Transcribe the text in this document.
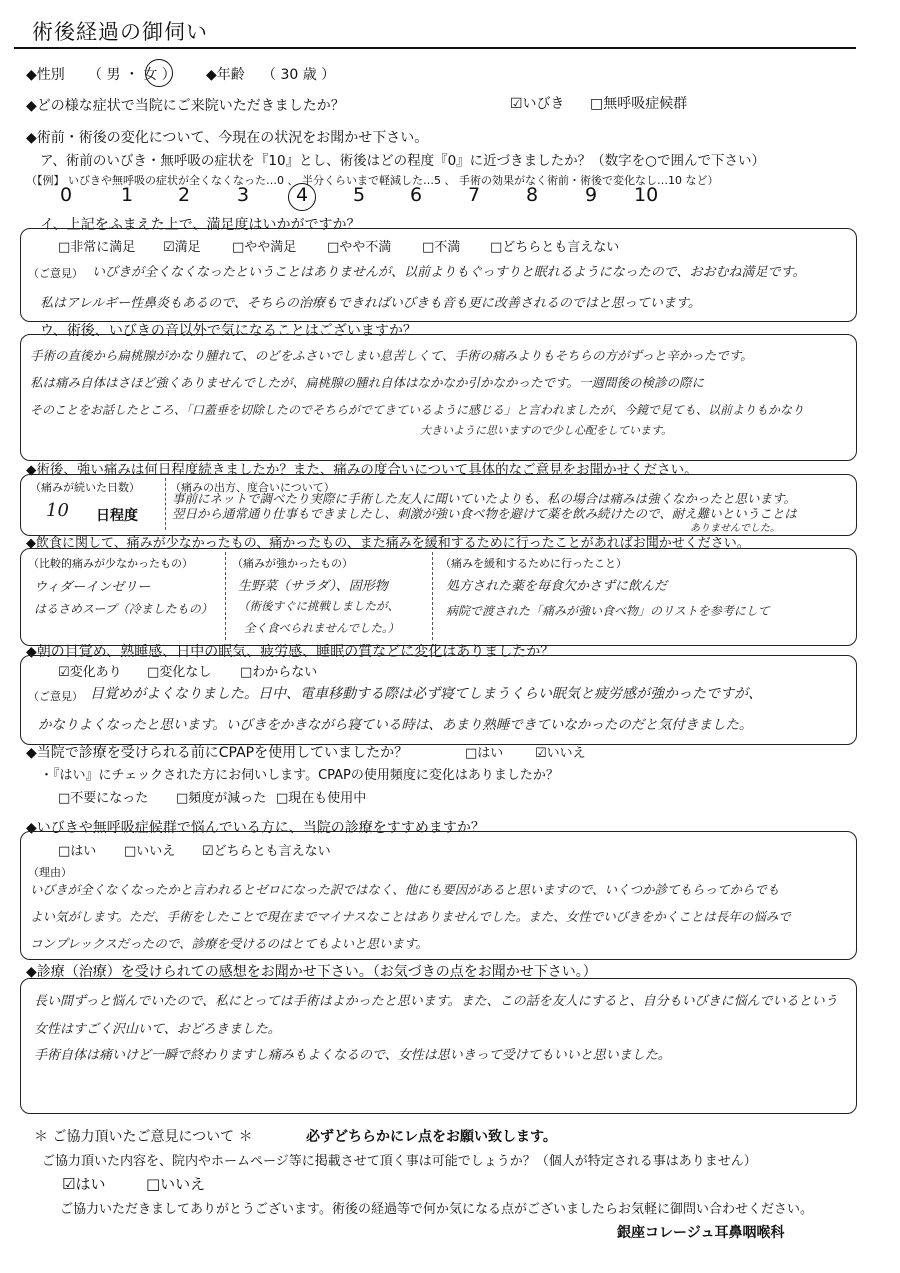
術後経過の御伺い
◆性別 （ 男 ・ 女 ） ◆年齢 （ 30 歳 ）
◆どの様な症状で当院にご来院いただきましたか？	☑いびき □無呼吸症候群
◆術前・術後の変化について、今現在の状況をお聞かせ下さい。
ア、術前のいびき・無呼吸の症状を『10』とし、術後はどの程度『0』に近づきましたか？（数字を○で囲んで下さい）
（【例】 いびきや無呼吸の症状が全くなくなった…0 、 半分くらいまで軽減した…5 、 手術の効果がなく術前・術後で変化なし…10 など）
0	1 2 3 4 5 6 7 8 9 10
イ、上記をふまえた上で、満足度はいかがですか？
□非常に満足 ☑満足 □やや満足 □やや不満 □不満 □どちらとも言えない
（ご意見） いびきが全くなくなったということはありませんが、以前よりもぐっすりと眠れるようになったので、おおむね満足です。
私はアレルギー性鼻炎もあるので、そちらの治療もできればいびきも音も更に改善されるのではと思っています。
ウ、術後、いびきの音以外で気になることはございますか？
手術の直後から扁桃腺がかなり腫れて、のどをふさいでしまい息苦しくて、手術の痛みよりもそちらの方がずっと辛かったです。
私は痛み自体はさほど強くありませんでしたが、扁桃腺の腫れ自体はなかなか引かなかったです。一週間後の検診の際に
そのことをお話したところ、「口蓋垂を切除したのでそちらがでてきているように感じる」と言われましたが、今鏡で見ても、以前よりもかなり
大きいように思いますので少し心配をしています。
◆術後、強い痛みは何日程度続きましたか？また、痛みの度合いについて具体的なご意見をお聞かせください。
（痛みが続いた日数）
10 日程度
（痛みの出方、度合いについて）
事前にネットで調べたり実際に手術した友人に聞いていたよりも、私の場合は痛みは強くなかったと思います。
翌日から通常通り仕事もできましたし、刺激が強い食べ物を避けて薬を飲み続けたので、耐え難いということは
ありませんでした。
◆飲食に関して、痛みが少なかったもの、痛かったもの、また痛みを緩和するために行ったことがあればお聞かせください。
（比較的痛みが少なかったもの）
ウィダーインゼリー
はるさめスープ（冷ましたもの）
（痛みが強かったもの）
生野菜（サラダ）、固形物
（術後すぐに挑戦しましたが、
全く食べられませんでした。）
（痛みを緩和するために行ったこと）
処方された薬を毎食欠かさずに飲んだ
病院で渡された「痛みが強い食べ物」のリストを参考にして
◆朝の目覚め、熟睡感、日中の眠気、疲労感、睡眠の質などに変化はありましたか？
☑変化あり □変化なし □わからない
（ご意見） 目覚めがよくなりました。日中、電車移動する際は必ず寝てしまうくらい眠気と疲労感が強かったですが、
かなりよくなったと思います。いびきをかきながら寝ている時は、あまり熟睡できていなかったのだと気付きました。
◆当院で診療を受けられる前にCPAPを使用していましたか？	□はい ☑いいえ
・『はい』にチェックされた方にお伺いします。CPAPの使用頻度に変化はありましたか？
□不要になった □頻度が減った □現在も使用中
◆いびきや無呼吸症候群で悩んでいる方に、当院の診療をすすめますか？
□はい □いいえ ☑どちらとも言えない
（理由）
いびきが全くなくなったかと言われるとゼロになった訳ではなく、他にも要因があると思いますので、いくつか診てもらってからでも
よい気がします。ただ、手術をしたことで現在までマイナスなことはありませんでした。また、女性でいびきをかくことは長年の悩みで
コンプレックスだったので、診療を受けるのはとてもよいと思います。
◆診療（治療）を受けられての感想をお聞かせ下さい。（お気づきの点をお聞かせ下さい。）
長い間ずっと悩んでいたので、私にとっては手術はよかったと思います。また、この話を友人にすると、自分もいびきに悩んでいるという
女性はすごく沢山いて、おどろきました。
手術自体は痛いけど一瞬で終わりますし痛みもよくなるので、女性は思いきって受けてもいいと思いました。
＊ ご協力頂いたご意見について ＊	必ずどちらかにレ点をお願い致します。
ご協力頂いた内容を、院内やホームページ等に掲載させて頂く事は可能でしょうか？（個人が特定される事はありません）
☑はい	□いいえ
ご協力いただきましてありがとうございます。術後の経過等で何か気になる点がございましたらお気軽に御問い合わせください。
銀座コレージュ耳鼻咽喉科
